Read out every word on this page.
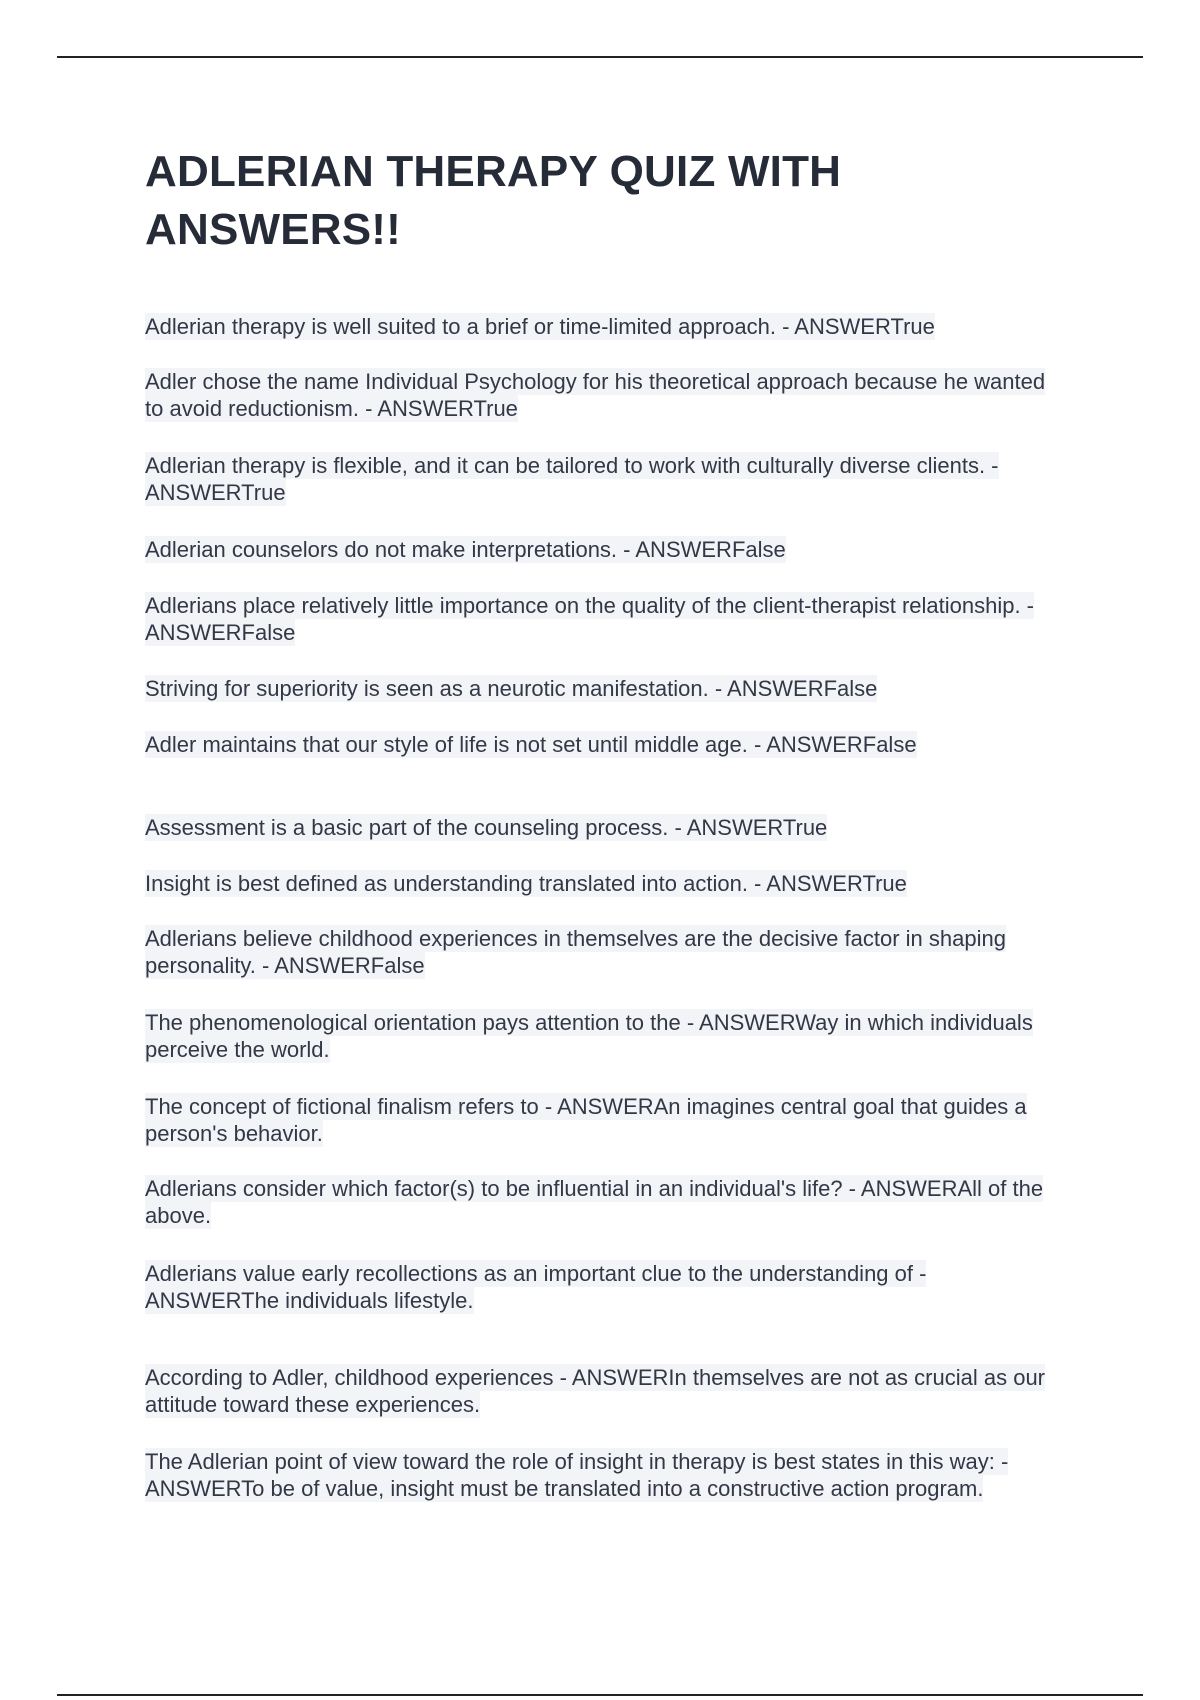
ADLERIAN THERAPY QUIZ WITH ANSWERS!!

Adlerian therapy is well suited to a brief or time-limited approach. - ANSWERTrue

Adler chose the name Individual Psychology for his theoretical approach because he wanted to avoid reductionism. - ANSWERTrue

Adlerian therapy is flexible, and it can be tailored to work with culturally diverse clients. - ANSWERTrue

Adlerian counselors do not make interpretations. - ANSWERFalse

Adlerians place relatively little importance on the quality of the client-therapist relationship. - ANSWERFalse

Striving for superiority is seen as a neurotic manifestation. - ANSWERFalse

Adler maintains that our style of life is not set until middle age. - ANSWERFalse

Assessment is a basic part of the counseling process. - ANSWERTrue

Insight is best defined as understanding translated into action. - ANSWERTrue

Adlerians believe childhood experiences in themselves are the decisive factor in shaping personality. - ANSWERFalse

The phenomenological orientation pays attention to the - ANSWERWay in which individuals perceive the world.

The concept of fictional finalism refers to - ANSWERAn imagines central goal that guides a person's behavior.

Adlerians consider which factor(s) to be influential in an individual's life? - ANSWERAll of the above.

Adlerians value early recollections as an important clue to the understanding of - ANSWERThe individuals lifestyle.

According to Adler, childhood experiences - ANSWERIn themselves are not as crucial as our attitude toward these experiences.

The Adlerian point of view toward the role of insight in therapy is best states in this way: - ANSWERTo be of value, insight must be translated into a constructive action program.
